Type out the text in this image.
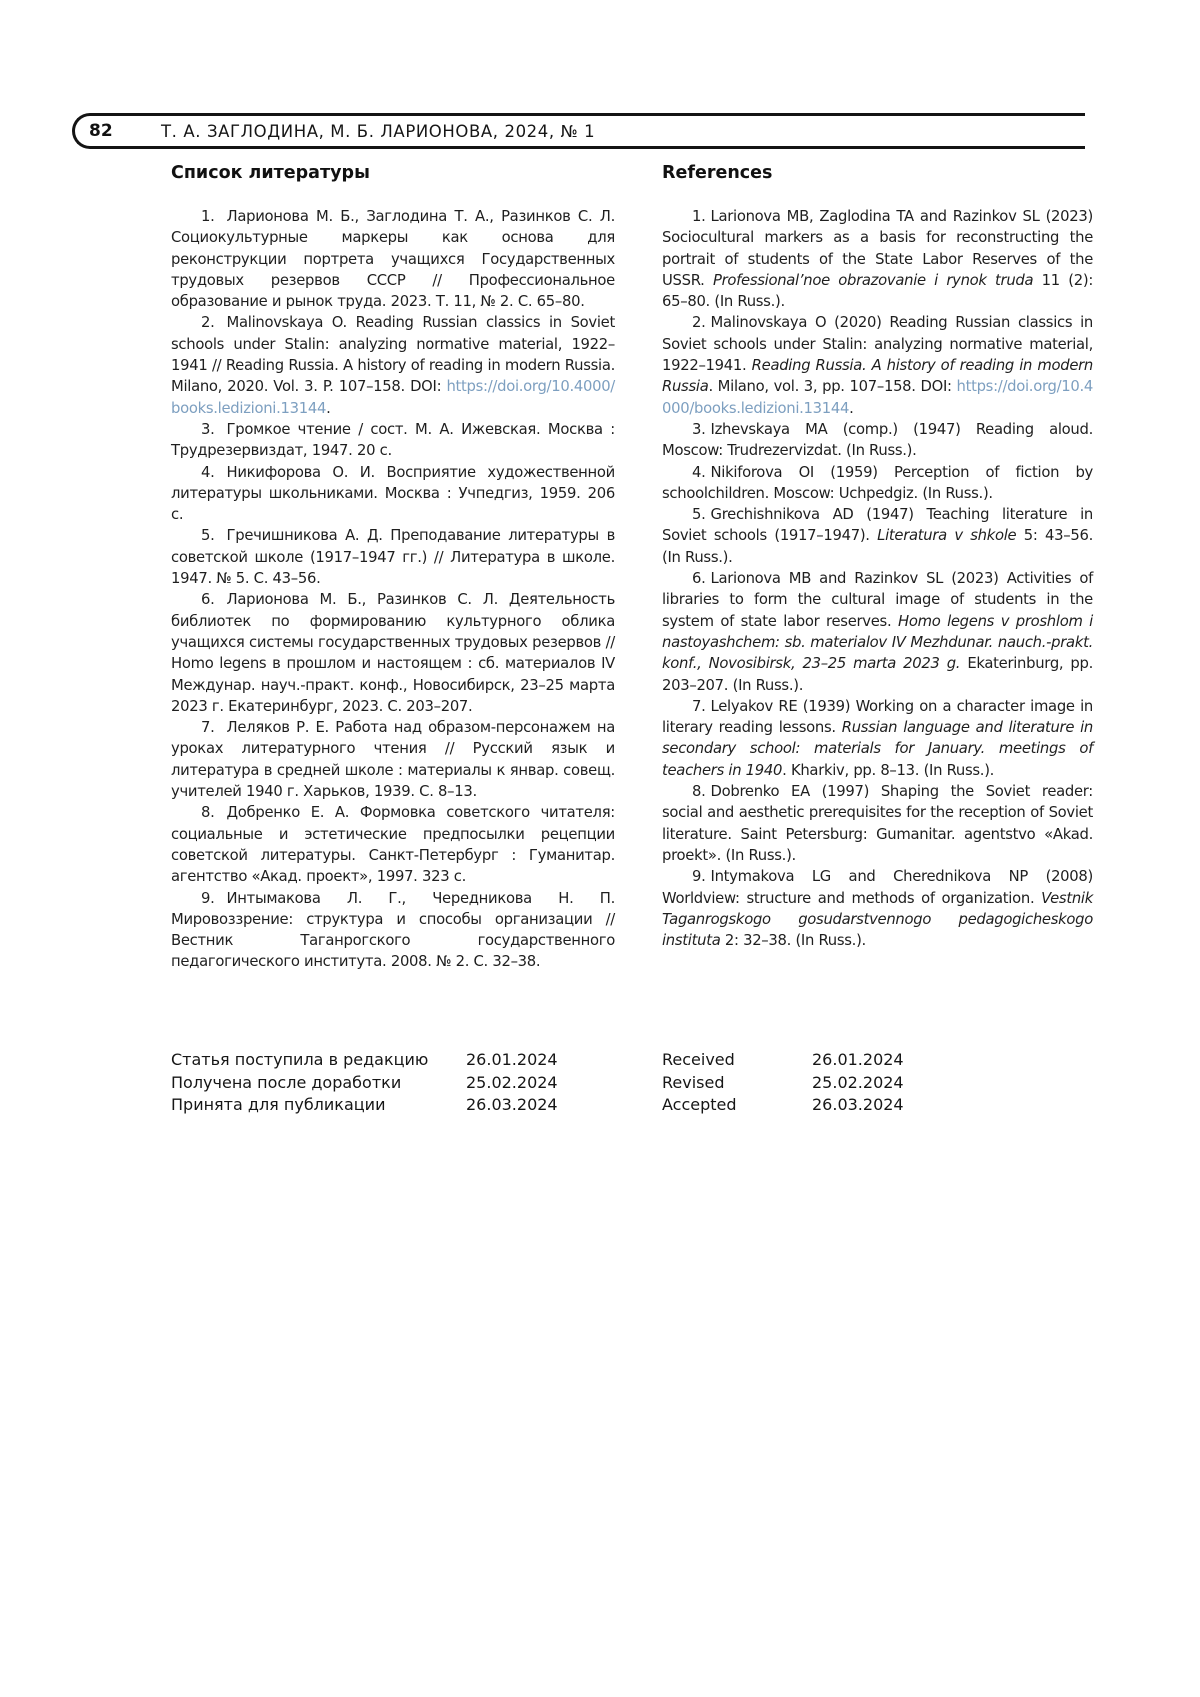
82	Т. А. ЗАГЛОДИНА, М. Б. ЛАРИОНОВА, 2024, № 1
Список литературы

1. Ларионова М. Б., Заглодина Т. А., Разинков С. Л. Социокультурные маркеры как основа для реконструкции портрета учащихся Государственных трудовых резервов СССР // Профессиональное образование и рынок труда. 2023. Т. 11, № 2. С. 65–80.

2. Malinovskaya O. Reading Russian classics in Soviet schools under Stalin: analyzing normative material, 1922–1941 // Reading Russia. A history of reading in modern Russia. Milano, 2020. Vol. 3. P. 107–158. DOI: https://doi.org/10.4000/books.ledizioni.13144.

3. Громкое чтение / сост. М. А. Ижевская. Москва : Трудрезервиздат, 1947. 20 с.

4. Никифорова О. И. Восприятие художественной литературы школьниками. Москва : Учпедгиз, 1959. 206 с.

5. Гречишникова А. Д. Преподавание литературы в советской школе (1917–1947 гг.) // Литература в школе. 1947. № 5. С. 43–56.

6. Ларионова М. Б., Разинков С. Л. Деятельность библиотек по формированию культурного облика учащихся системы государственных трудовых резервов // Homo legens в прошлом и настоящем : сб. материалов IV Междунар. науч.-практ. конф., Новосибирск, 23–25 марта 2023 г. Екатеринбург, 2023. С. 203–207.

7. Леляков Р. Е. Работа над образом-персонажем на уроках литературного чтения // Русский язык и литература в средней школе : материалы к январ. совещ. учителей 1940 г. Харьков, 1939. С. 8–13.

8. Добренко Е. А. Формовка советского читателя: социальные и эстетические предпосылки рецепции советской литературы. Санкт-Петербург : Гуманитар. агентство «Акад. проект», 1997. 323 с.

9. Интымакова Л. Г., Чередникова Н. П. Мировоззрение: структура и способы организации // Вестник Таганрогского государственного педагогического института. 2008. № 2. С. 32–38.

References

1. Larionova MB, Zaglodina TA and Razinkov SL (2023) Sociocultural markers as a basis for reconstructing the portrait of students of the State Labor Reserves of the USSR. Professional’noe obrazovanie i rynok truda 11 (2): 65–80. (In Russ.).

2. Malinovskaya O (2020) Reading Russian classics in Soviet schools under Stalin: analyzing normative material, 1922–1941. Reading Russia. A history of reading in modern Russia. Milano, vol. 3, pp. 107–158. DOI: https://doi.org/10.4000/books.ledizioni.13144.

3. Izhevskaya MA (comp.) (1947) Reading aloud. Moscow: Trudrezervizdat. (In Russ.).

4. Nikiforova OI (1959) Perception of fiction by schoolchildren. Moscow: Uchpedgiz. (In Russ.).

5. Grechishnikova AD (1947) Teaching literature in Soviet schools (1917–1947). Literatura v shkole 5: 43–56. (In Russ.).

6. Larionova MB and Razinkov SL (2023) Activities of libraries to form the cultural image of students in the system of state labor reserves. Homo legens v proshlom i nastoyashchem: sb. materialov IV Mezhdunar. nauch.-prakt. konf., Novosibirsk, 23–25 marta 2023 g. Ekaterinburg, pp. 203–207. (In Russ.).

7. Lelyakov RE (1939) Working on a character image in literary reading lessons. Russian language and literature in secondary school: materials for January. meetings of teachers in 1940. Kharkiv, pp. 8–13. (In Russ.).

8. Dobrenko EA (1997) Shaping the Soviet reader: social and aesthetic prerequisites for the reception of Soviet literature. Saint Petersburg: Gumanitar. agentstvo «Akad. proekt». (In Russ.).

9. Intymakova LG and Cherednikova NP (2008) Worldview: structure and methods of organization. Vestnik Taganrogskogo gosudarstvennogo pedagogicheskogo instituta 2: 32–38. (In Russ.).

Статья поступила в редакцию	26.01.2024
Получена после доработки	25.02.2024
Принята для публикации	26.03.2024
Received	26.01.2024
Revised	25.02.2024
Accepted	26.03.2024
